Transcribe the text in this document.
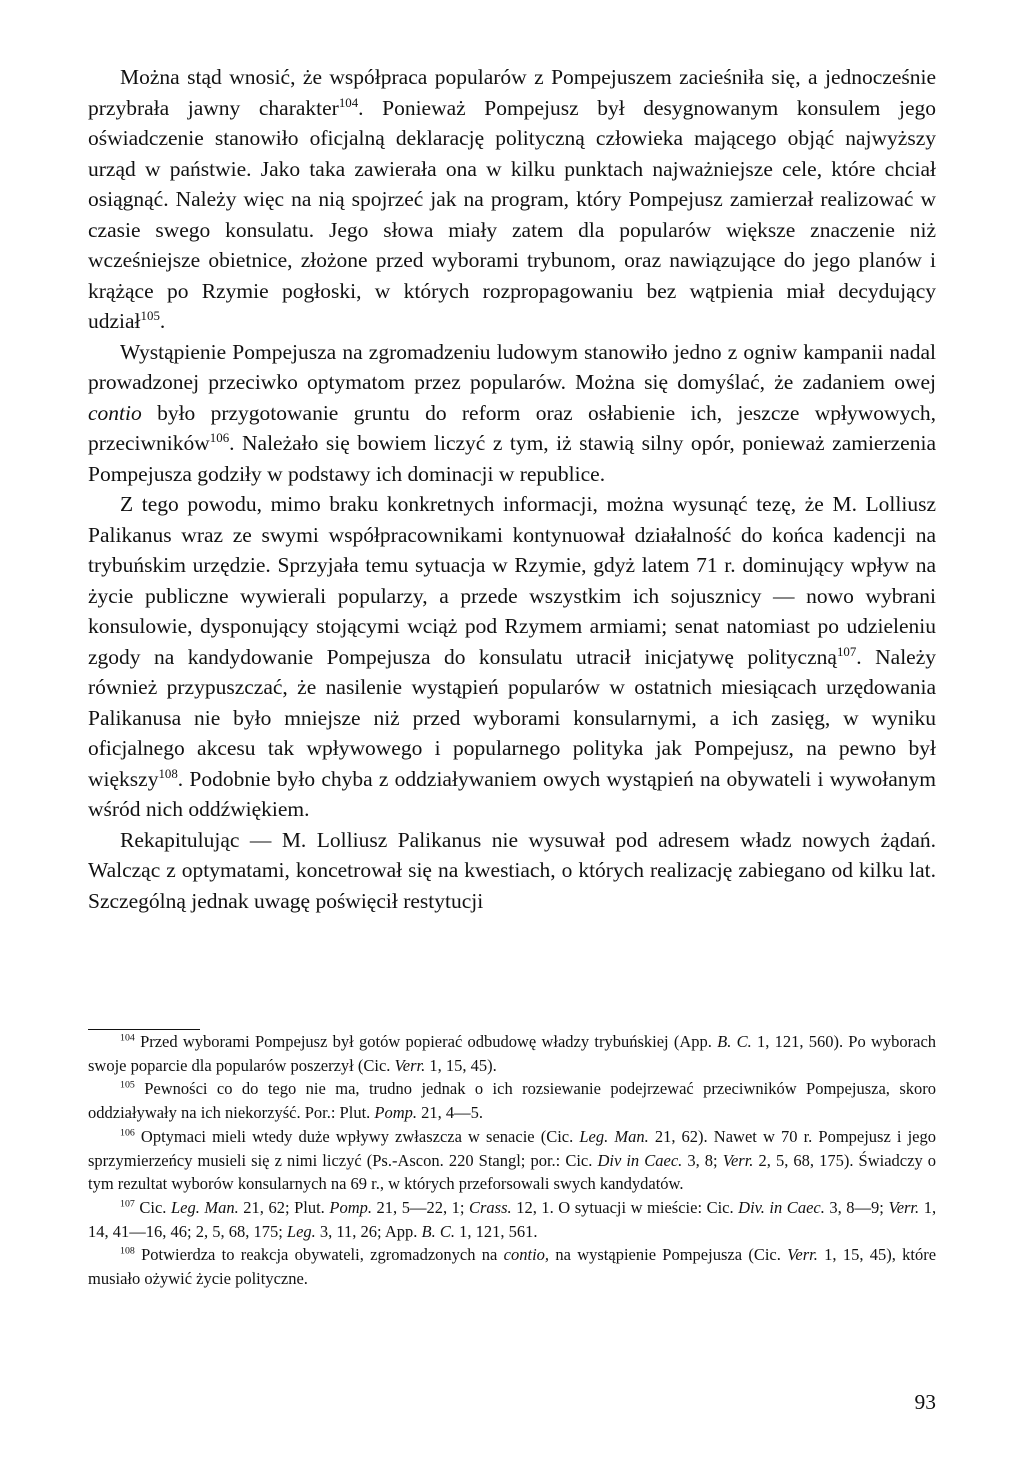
Można stąd wnosić, że współpraca popularów z Pompejuszem zacieśniła się, a jednocześnie przybrała jawny charakter$^{104}$. Ponieważ Pompejusz był desygnowanym konsulem jego oświadczenie stanowiło oficjalną deklarację polityczną człowieka mającego objąć najwyższy urząd w państwie. Jako taka zawierała ona w kilku punktach najważniejsze cele, które chciał osiągnąć. Należy więc na nią spojrzeć jak na program, który Pompejusz zamierzał realizować w czasie swego konsulatu. Jego słowa miały zatem dla popularów większe znaczenie niż wcześniejsze obietnice, złożone przed wyborami trybunom, oraz nawiązujące do jego planów i krążące po Rzymie pogłoski, w których rozpropagowaniu bez wątpienia miał decydujący udział$^{105}$.

Wystąpienie Pompejusza na zgromadzeniu ludowym stanowiło jedno z ogniw kampanii nadal prowadzonej przeciwko optymatom przez popularów. Można się domyślać, że zadaniem owej contio było przygotowanie gruntu do reform oraz osłabienie ich, jeszcze wpływowych, przeciwników$^{106}$. Należało się bowiem liczyć z tym, iż stawią silny opór, ponieważ zamierzenia Pompejusza godziły w podstawy ich dominacji w republice.

Z tego powodu, mimo braku konkretnych informacji, można wysunąć tezę, że M. Lolliusz Palikanus wraz ze swymi współpracownikami kontynuował działalność do końca kadencji na trybuńskim urzędzie. Sprzyjała temu sytuacja w Rzymie, gdyż latem 71 r. dominujący wpływ na życie publiczne wywierali popularzy, a przede wszystkim ich sojusznicy — nowo wybrani konsulowie, dysponujący stojącymi wciąż pod Rzymem armiami; senat natomiast po udzieleniu zgody na kandydowanie Pompejusza do konsulatu utracił inicjatywę polityczną$^{107}$. Należy również przypuszczać, że nasilenie wystąpień popularów w ostatnich miesiącach urzędowania Palikanusa nie było mniejsze niż przed wyborami konsularnymi, a ich zasięg, w wyniku oficjalnego akcesu tak wpływowego i popularnego polityka jak Pompejusz, na pewno był większy$^{108}$. Podobnie było chyba z oddziaływaniem owych wystąpień na obywateli i wywołanym wśród nich oddźwiękiem.

Rekapitulując — M. Lolliusz Palikanus nie wysuwał pod adresem władz nowych żądań. Walcząc z optymatami, koncetrował się na kwestiach, o których realizację zabiegano od kilku lat. Szczególną jednak uwagę poświęcił restytucji

$^{104}$ Przed wyborami Pompejusz był gotów popierać odbudowę władzy trybuńskiej (App. B. C. 1, 121, 560). Po wyborach swoje poparcie dla popularów poszerzył (Cic. Verr. 1, 15, 45).

$^{105}$ Pewności co do tego nie ma, trudno jednak o ich rozsiewanie podejrzewać przeciwników Pompejusza, skoro oddziaływały na ich niekorzyść. Por.: Plut. Pomp. 21, 4—5.

$^{106}$ Optymaci mieli wtedy duże wpływy zwłaszcza w senacie (Cic. Leg. Man. 21, 62). Nawet w 70 r. Pompejusz i jego sprzymierzeńcy musieli się z nimi liczyć (Ps.-Ascon. 220 Stangl; por.: Cic. Div in Caec. 3, 8; Verr. 2, 5, 68, 175). Świadczy o tym rezultat wyborów konsularnych na 69 r., w których przeforsowali swych kandydatów.

$^{107}$ Cic. Leg. Man. 21, 62; Plut. Pomp. 21, 5—22, 1; Crass. 12, 1. O sytuacji w mieście: Cic. Div. in Caec. 3, 8—9; Verr. 1, 14, 41—16, 46; 2, 5, 68, 175; Leg. 3, 11, 26; App. B. C. 1, 121, 561.

$^{108}$ Potwierdza to reakcja obywateli, zgromadzonych na contio, na wystąpienie Pompejusza (Cic. Verr. 1, 15, 45), które musiało ożywić życie polityczne.

93
